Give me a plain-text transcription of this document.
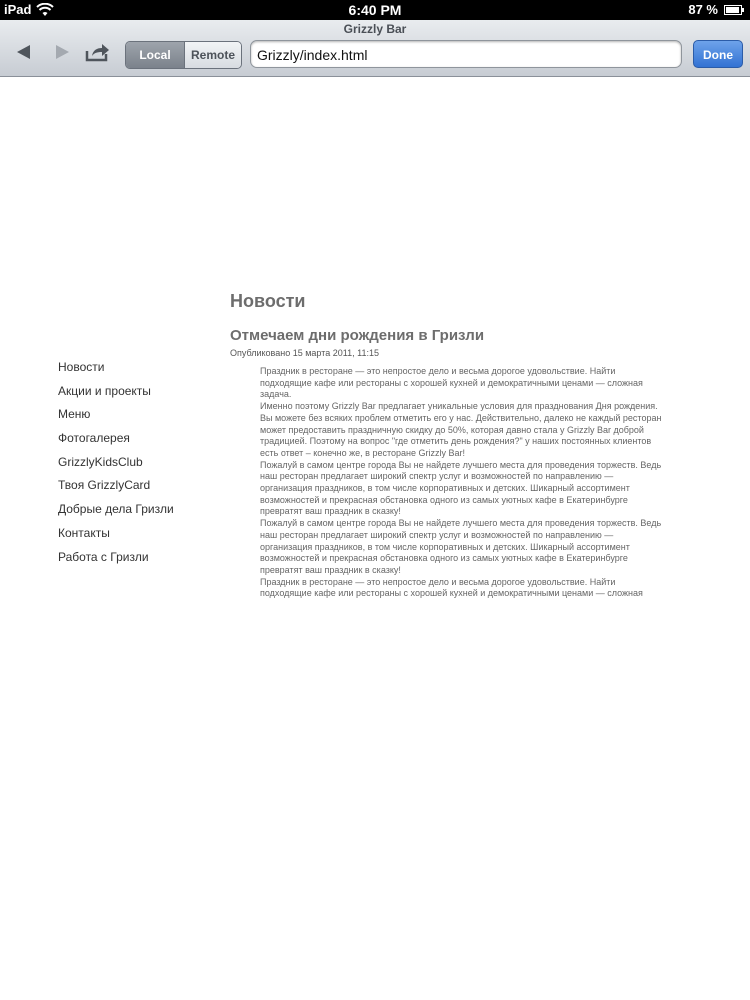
iPad	6:40 PM	87 %
Grizzly Bar
Local	Remote	Grizzly/index.html	Done
Новости
Отмечаем дни рождения в Гризли
Опубликовано 15 марта 2011, 11:15

Праздник в ресторане — это непростое дело и весьма дорогое удовольствие. Найти подходящие кафе или рестораны с хорошей кухней и демократичными ценами — сложная задача.

Именно поэтому Grizzly Bar предлагает уникальные условия для празднования Дня рождения. Вы можете без всяких проблем отметить его у нас. Действительно, далеко не каждый ресторан может предоставить праздничную скидку до 50%, которая давно стала у Grizzly Bar доброй традицией. Поэтому на вопрос "где отметить день рождения?" у наших постоянных клиентов есть ответ – конечно же, в ресторане Grizzly Bar!

Пожалуй в самом центре города Вы не найдете лучшего места для проведения торжеств. Ведь наш ресторан предлагает широкий спектр услуг и возможностей по направлению — организация праздников, в том числе корпоративных и детских. Шикарный ассортимент возможностей и прекрасная обстановка одного из самых уютных кафе в Екатеринбурге превратят ваш праздник в сказку!

Пожалуй в самом центре города Вы не найдете лучшего места для проведения торжеств. Ведь наш ресторан предлагает широкий спектр услуг и возможностей по направлению — организация праздников, в том числе корпоративных и детских. Шикарный ассортимент возможностей и прекрасная обстановка одного из самых уютных кафе в Екатеринбурге превратят ваш праздник в сказку!

Праздник в ресторане — это непростое дело и весьма дорогое удовольствие. Найти подходящие кафе или рестораны с хорошей кухней и демократичными ценами — сложная

Новости
Акции и проекты
Меню
Фотогалерея
GrizzlyKidsClub
Твоя GrizzlyCard
Добрые дела Гризли
Контакты
Работа с Гризли
